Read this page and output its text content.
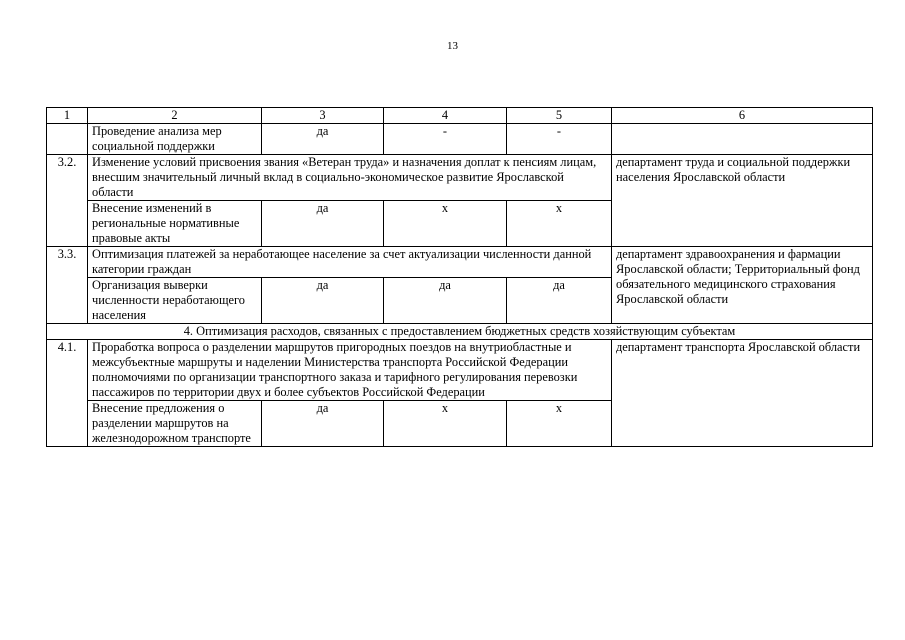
13
1	2	3	4	5	6
	Проведение анализа мер социальной поддержки	да	-	-	
3.2.	Изменение условий присвоения звания «Ветеран труда» и назначения доплат к пенсиям лицам, внесшим значительный личный вклад в социально-экономическое развитие Ярославской области				департамент труда и социальной поддержки населения Ярославской области
	Внесение изменений в региональные нормативные правовые акты	да	х	х	
3.3.	Оптимизация платежей за неработающее население за счет актуализации численности данной категории граждан				департамент здравоохранения и фармации Ярославской области; Территориальный фонд обязательного медицинского страхования Ярославской области
	Организация выверки численности неработающего населения	да	да	да	
4. Оптимизация расходов, связанных с предоставлением бюджетных средств хозяйствующим субъектам					
4.1.	Проработка вопроса о разделении маршрутов пригородных поездов на внутриобластные и межсубъектные маршруты и наделении Министерства транспорта Российской Федерации полномочиями по организации транспортного заказа и тарифного регулирования перевозки пассажиров по территории двух и более субъектов Российской Федерации				департамент транспорта Ярославской области
	Внесение предложения о разделении маршрутов на железнодорожном транспорте	да	х	х	
